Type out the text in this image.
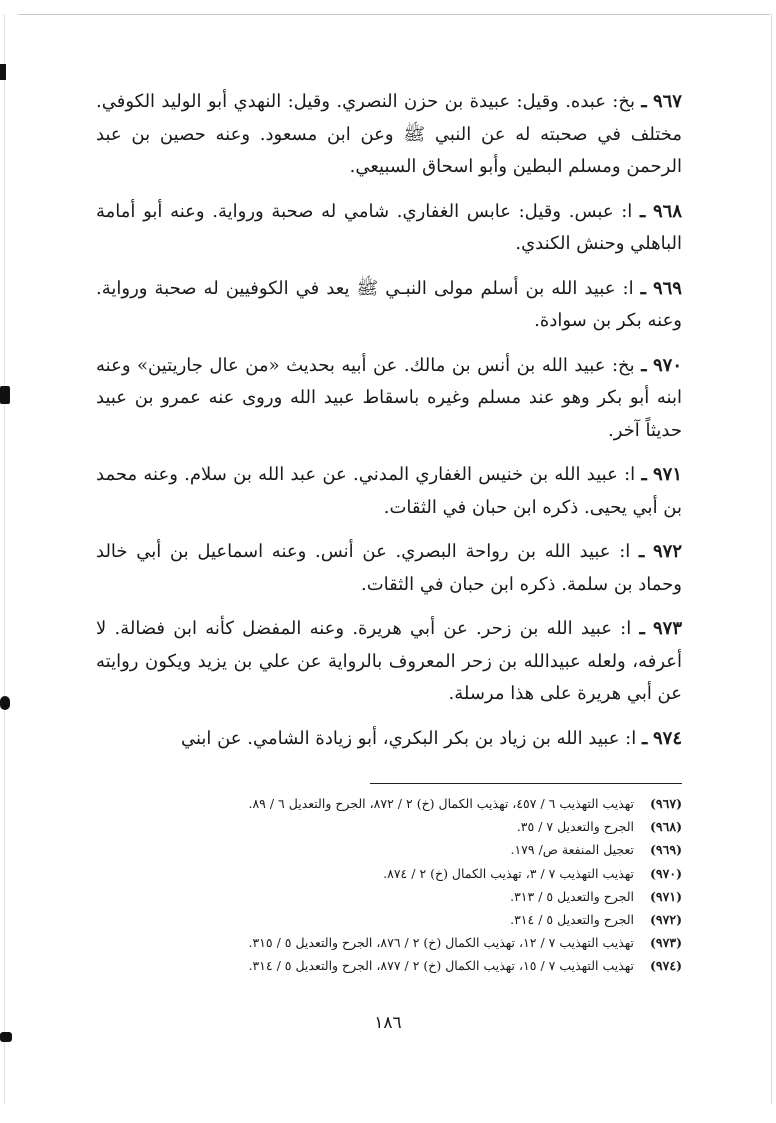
٩٦٧ ـ بخ: عبده. وقيل: عبيدة بن حزن النصري. وقيل: النهدي أبو الوليد الكوفي. مختلف في صحبته له عن النبي ﷺ وعن ابن مسعود. وعنه حصين بن عبد الرحمن ومسلم البطين وأبو اسحاق السبيعي.

٩٦٨ ـ ا: عبس. وقيل: عابس الغفاري. شامي له صحبة ورواية. وعنه أبو أمامة الباهلي وحنش الكندي.

٩٦٩ ـ ا: عبيد الله بن أسلم مولى النبـي ﷺ يعد في الكوفيين له صحبة ورواية. وعنه بكر بن سوادة.

٩٧٠ ـ بخ: عبيد الله بن أنس بن مالك. عن أبيه بحديث «من عال جاريتين» وعنه ابنه أبو بكر وهو عند مسلم وغيره باسقاط عبيد الله وروى عنه عمرو بن عبيد حديثاً آخر.

٩٧١ ـ ا: عبيد الله بن خنيس الغفاري المدني. عن عبد الله بن سلام. وعنه محمد بن أبي يحيى. ذكره ابن حبان في الثقات.

٩٧٢ ـ ا: عبيد الله بن رواحة البصري. عن أنس. وعنه اسماعيل بن أبي خالد وحماد بن سلمة. ذكره ابن حبان في الثقات.

٩٧٣ ـ ا: عبيد الله بن زحر. عن أبي هريرة. وعنه المفضل كأنه ابن فضالة. لا أعرفه، ولعله عبيدالله بن زحر المعروف بالرواية عن علي بن يزيد ويكون روايته عن أبي هريرة على هذا مرسلة.

٩٧٤ ـ ا: عبيد الله بن زياد بن بكر البكري، أبو زيادة الشامي. عن ابني

(٩٦٧) تهذيب التهذيب ٦ / ٤٥٧، تهذيب الكمال (خ) ٢ / ٨٧٢، الجرح والتعديل ٦ / ٨٩.
(٩٦٨) الجرح والتعديل ٧ / ٣٥.
(٩٦٩) تعجيل المنفعة ص/ ١٧٩.
(٩٧٠) تهذيب التهذيب ٧ / ٣، تهذيب الكمال (خ) ٢ / ٨٧٤.
(٩٧١) الجرح والتعديل ٥ / ٣١٣.
(٩٧٢) الجرح والتعديل ٥ / ٣١٤.
(٩٧٣) تهذيب التهذيب ٧ / ١٢، تهذيب الكمال (خ) ٢ / ٨٧٦، الجرح والتعديل ٥ / ٣١٥.
(٩٧٤) تهذيب التهذيب ٧ / ١٥، تهذيب الكمال (خ) ٢ / ٨٧٧، الجرح والتعديل ٥ / ٣١٤.
١٨٦
